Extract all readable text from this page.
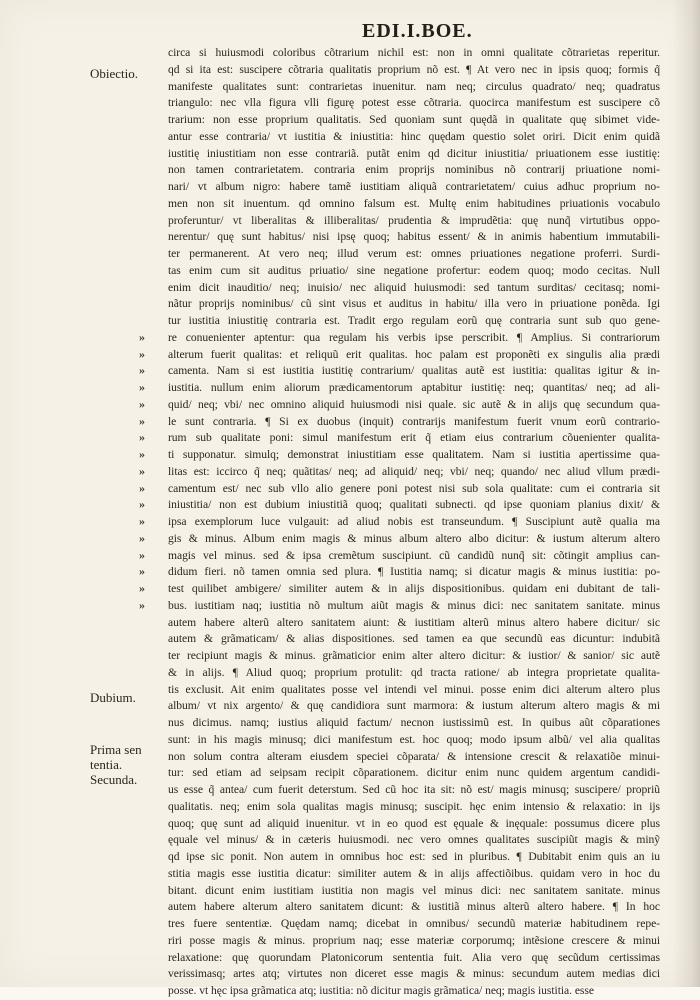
EDI.I.BOE.
Obiectio.
Dubium.
Prima sen
tentia.
Secunda.
»
»
»
»
»
»
»
»
»
»
»
»
»
»
»
»
»
circa si huiusmodi coloribus cõtrarium nichil est: non in omni qualitate cõtrarietas reperitur.
qd si ita est: suscipere cõtraria qualitatis proprium nõ est. ¶ At vero nec in ipsis quoq; formis q̃
manifeste qualitates sunt: contrarietas inuenitur. nam neq; circulus quadrato/ neq; quadratus
triangulo: nec vlla figura vlli figurę potest esse cõtraria. quocirca manifestum est suscipere cõ
trarium: non esse proprium qualitatis. Sed quoniam sunt quędã in qualitate quę sibimet vide-
antur esse contraria/ vt iustitia & iniustitia: hinc quędam questio solet oriri. Dicit enim quidã
iustitię iniustitiam non esse contrariã. putãt enim qd dicitur iniustitia/ priuationem esse iustitię:
non tamen contrarietatem. contraria enim proprijs nominibus nõ contrarij priuatione nomi-
nari/ vt album nigro: habere tamẽ iustitiam aliquã contrarietatem/ cuius adhuc proprium no-
men non sit inuentum. qd omnino falsum est. Multę enim habitudines priuationis vocabulo
proferuntur/ vt liberalitas & illiberalitas/ prudentia & imprudẽtia: quę nunq̃ virtutibus oppo-
nerentur/ quę sunt habitus/ nisi ipsę quoq; habitus essent/ & in animis habentium immutabili-
ter permanerent. At vero neq; illud verum est: omnes priuationes negatione proferri. Surdi-
tas enim cum sit auditus priuatio/ sine negatione profertur: eodem quoq; modo cecitas. Null
enim dicit inauditio/ neq; inuisio/ nec aliquid huiusmodi: sed tantum surditas/ cecitasq; nomi-
nãtur proprijs nominibus/ cũ sint visus et auditus in habitu/ illa vero in priuatione ponẽda. Igi
tur iustitia iniustitię contraria est. Tradit ergo regulam eorũ quę contraria sunt sub quo gene-
re conuenienter aptentur: qua regulam his verbis ipse perscribit. ¶ Amplius. Si contrariorum
alterum fuerit qualitas: et reliquũ erit qualitas. hoc palam est proponẽti ex singulis alia prædi
camenta. Nam si est iustitia iustitię contrarium/ qualitas autẽ est iustitia: qualitas igitur & in-
iustitia. nullum enim aliorum prædicamentorum aptabitur iustitię: neq; quantitas/ neq; ad ali-
quid/ neq; vbi/ nec omnino aliquid huiusmodi nisi quale. sic autẽ & in alijs quę secundum qua-
le sunt contraria. ¶ Si ex duobus (inquit) contrarijs manifestum fuerit vnum eorũ contrario-
rum sub qualitate poni: simul manifestum erit q̃ etiam eius contrarium cõuenienter qualita-
ti supponatur. simulq; demonstrat iniustitiam esse qualitatem. Nam si iustitia apertissime qua-
litas est: iccirco q̃ neq; quãtitas/ neq; ad aliquid/ neq; vbi/ neq; quando/ nec aliud vllum prædi-
camentum est/ nec sub vllo alio genere poni potest nisi sub sola qualitate: cum ei contraria sit
iniustitia/ non est dubium iniustitiã quoq; qualitati subnecti. qd ipse quoniam planius dixit/ &
ipsa exemplorum luce vulgauit: ad aliud nobis est transeundum. ¶ Suscipiunt autẽ qualia ma
gis & minus. Album enim magis & minus album altero albo dicitur: & iustum alterum altero
magis vel minus. sed & ipsa cremẽtum suscipiunt. cũ candidũ nunq̃ sit: cõtingit amplius can-
didum fieri. nõ tamen omnia sed plura. ¶ Iustitia namq; si dicatur magis & minus iustitia: po-
test quilibet ambigere/ similiter autem & in alijs dispositionibus. quidam eni dubitant de tali-
bus. iustitiam naq; iustitia nõ multum aiũt magis & minus dici: nec sanitatem sanitate. minus
autem habere alterũ altero sanitatem aiunt: & iustitiam alterũ minus altero habere dicitur/ sic
autem & grãmaticam/ & alias dispositiones. sed tamen ea que secundũ eas dicuntur: indubitã
ter recipiunt magis & minus. grãmaticior enim alter altero dicitur: & iustior/ & sanior/ sic autẽ
& in alijs. ¶ Aliud quoq; proprium protulit: qd tracta ratione/ ab integra proprietate qualita-
tis exclusit. Ait enim qualitates posse vel intendi vel minui. posse enim dici alterum altero plus
album/ vt nix argento/ & quę candidiora sunt marmora: & iustum alterum altero magis & mi
nus dicimus. namq; iustius aliquid factum/ necnon iustissimũ est. In quibus aũt cõparationes
sunt: in his magis minusq; dici manifestum est. hoc quoq; modo ipsum albũ/ vel alia qualitas
non solum contra alteram eiusdem speciei cõparata/ & intensione crescit & relaxatiõe minui-
tur: sed etiam ad seipsam recipit cõparationem. dicitur enim nunc quidem argentum candidi-
us esse q̃ antea/ cum fuerit deterstum. Sed cũ hoc ita sit: nõ est/ magis minusq; suscipere/ propriũ
qualitatis. neq; enim sola qualitas magis minusq; suscipit. hęc enim intensio & relaxatio: in ijs
quoq; quę sunt ad aliquid inuenitur. vt in eo quod est ęquale & inęquale: possumus dicere plus
ęquale vel minus/ & in cæteris huiusmodi. nec vero omnes qualitates suscipiũt magis & minỹ
qd ipse sic ponit. Non autem in omnibus hoc est: sed in pluribus. ¶ Dubitabit enim quis an iu
stitia magis esse iustitia dicatur: similiter autem & in alijs affectiõibus. quidam vero in hoc du
bitant. dicunt enim iustitiam iustitia non magis vel minus dici: nec sanitatem sanitate. minus
autem habere alterum altero sanitatem dicunt: & iustitiã minus alterũ altero habere. ¶ In hoc
tres fuere sententiæ. Quędam namq; dicebat in omnibus/ secundũ materiæ habitudinem repe-
riri posse magis & minus. proprium naq; esse materiæ corporumq; intẽsione crescere & minui
relaxatione: quę quorundam Platonicorum sententia fuit. Alia vero quę secũdum certissimas
verissimasq; artes atq; virtutes non diceret esse magis & minus: secundum autem medias dici
posse. vt hęc ipsa grãmatica atq; iustitia: nõ dicitur magis grãmatica/ neq; magis iustitia. esse
